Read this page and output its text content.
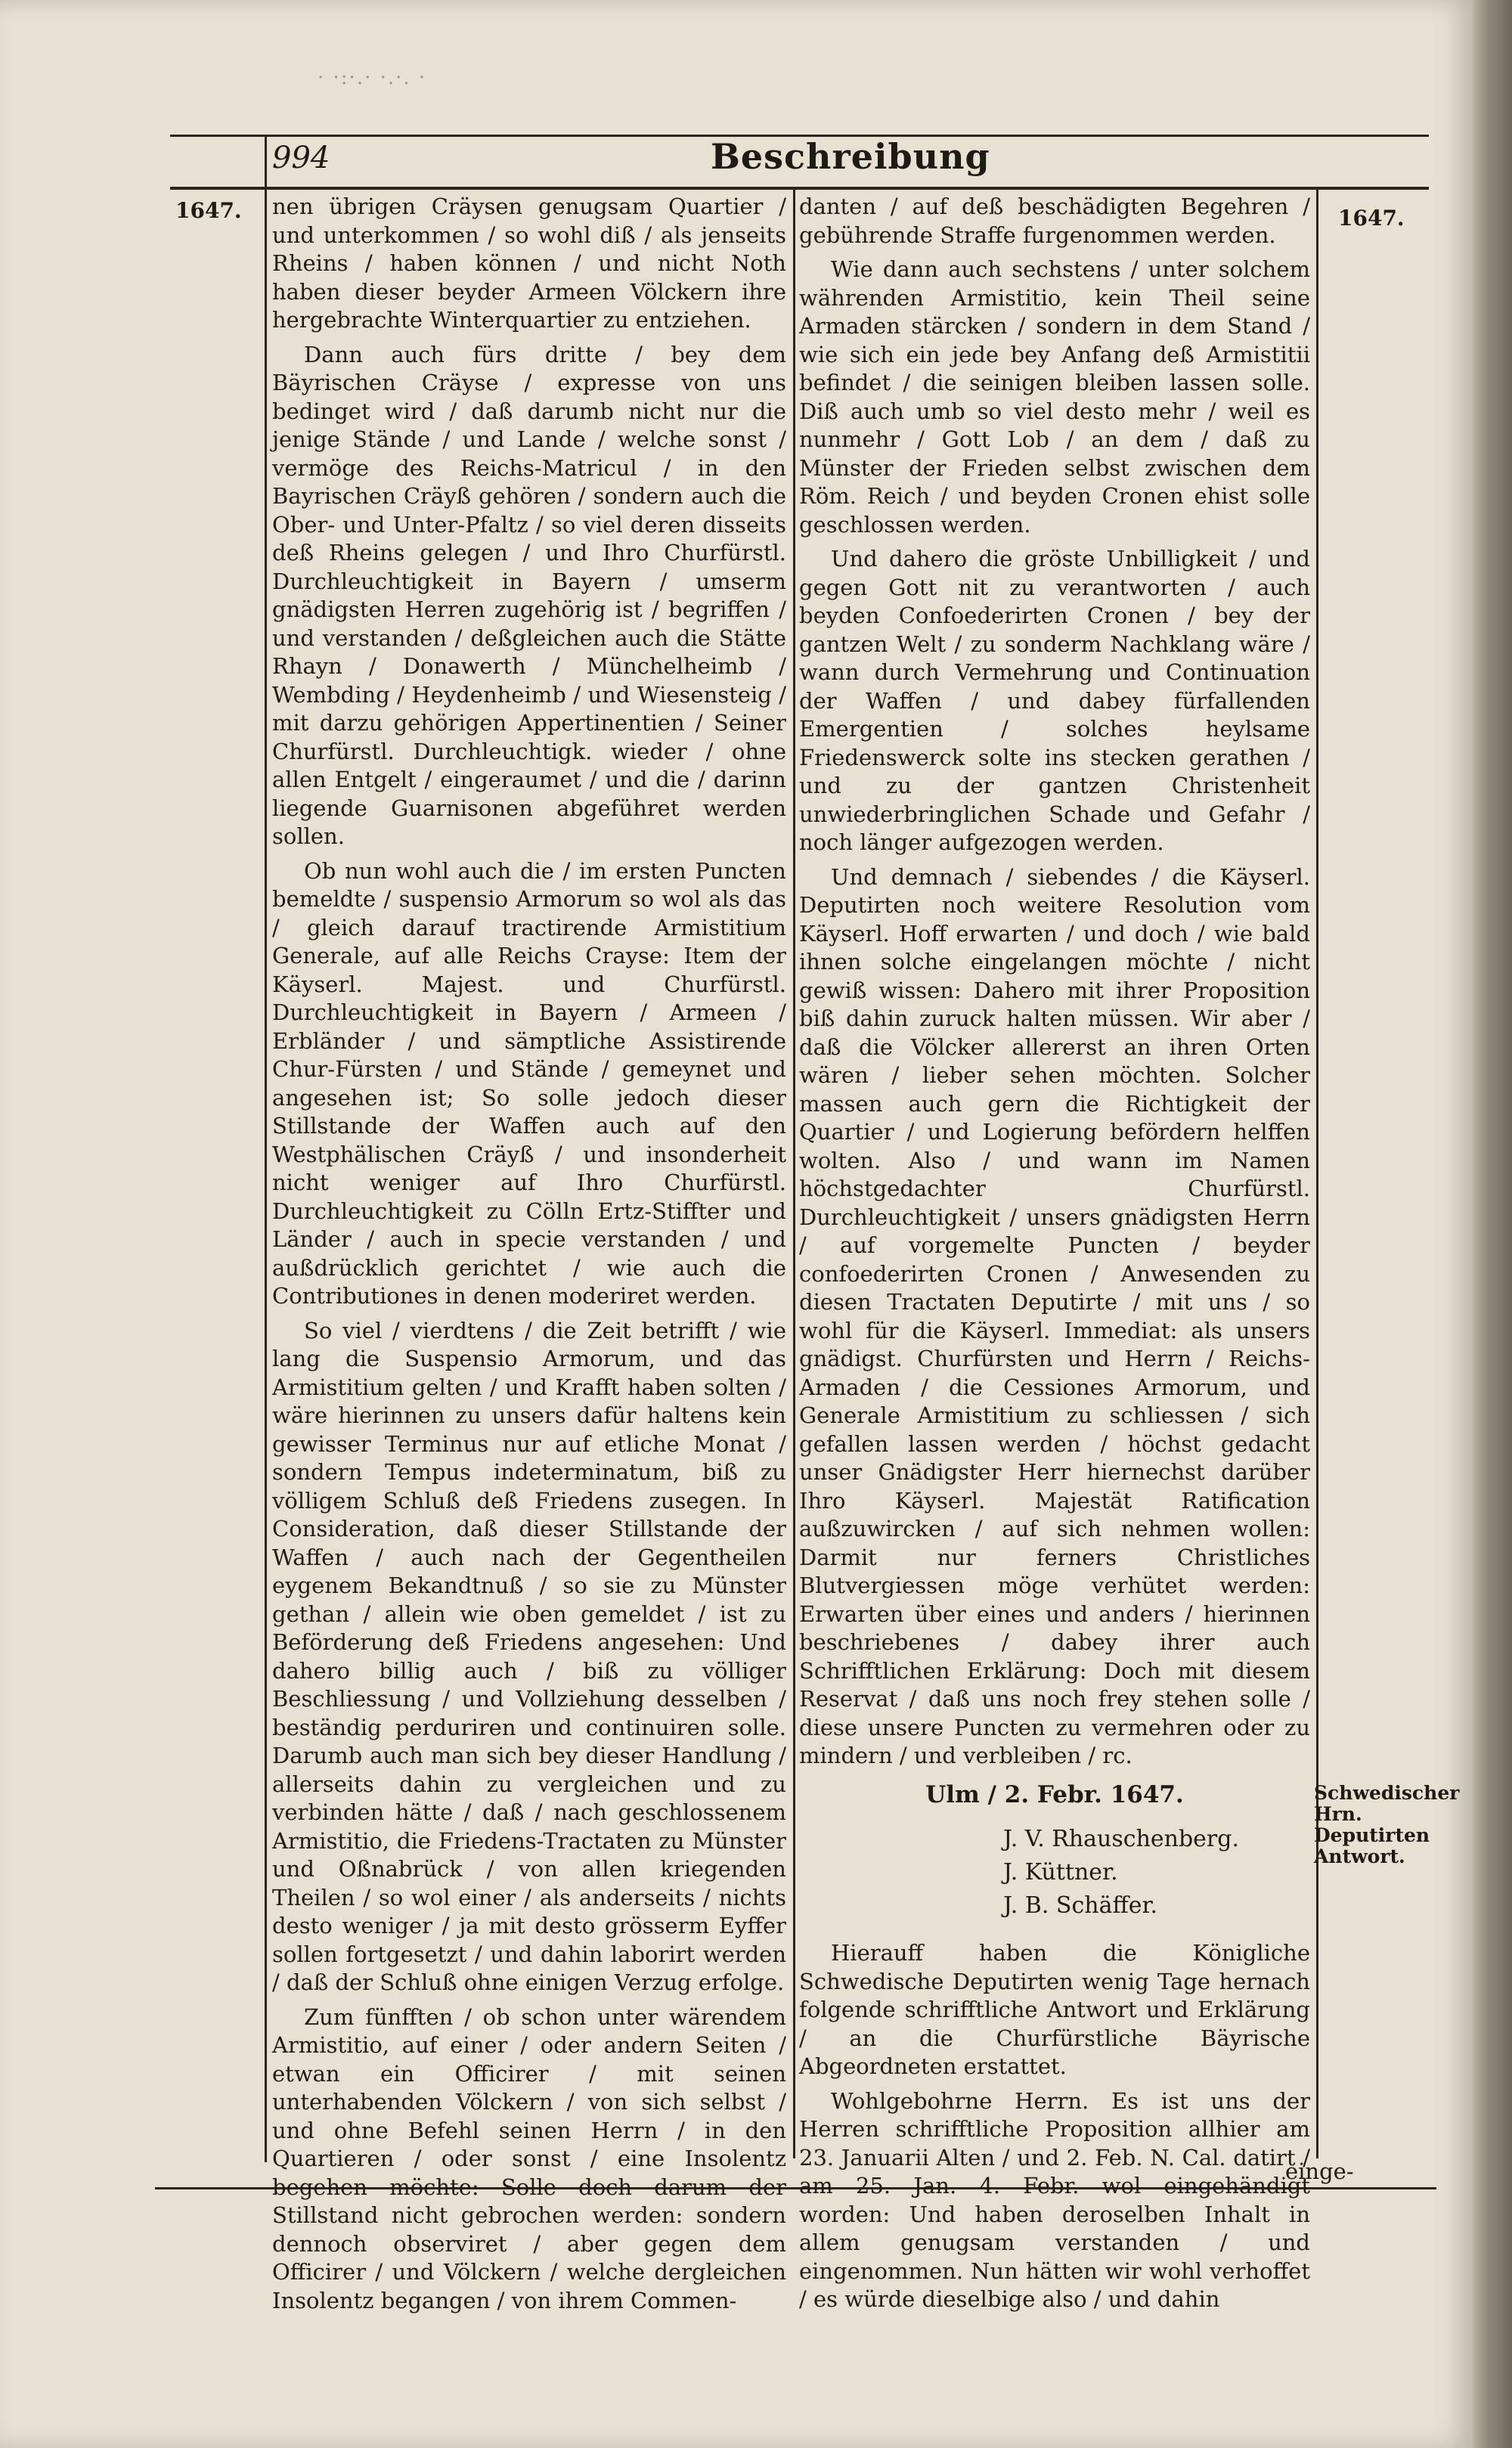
· ·:·.· ·.·. ·
994	Beschreibung
1647.	1647.

nen übrigen Cräysen genugsam Quartier / und unterkommen / so wohl diß / als jenseits Rheins / haben können / und nicht Noth haben dieser beyder Armeen Völckern ihre hergebrachte Winterquartier zu entziehen.

Dann auch fürs dritte / bey dem Bäyrischen Cräyse / expresse von uns bedinget wird / daß darumb nicht nur die jenige Stände / und Lande / welche sonst / vermöge des Reichs-Matricul / in den Bayrischen Cräyß gehören / sondern auch die Ober- und Unter-Pfaltz / so viel deren disseits deß Rheins gelegen / und Ihro Churfürstl. Durchleuchtigkeit in Bayern / umserm gnädigsten Herren zugehörig ist / begriffen / und verstanden / deßgleichen auch die Stätte Rhayn / Donawerth / Münchelheimb / Wembding / Heydenheimb / und Wiesensteig / mit darzu gehörigen Appertinentien / Seiner Churfürstl. Durchleuchtigk. wieder / ohne allen Entgelt / eingeraumet / und die / darinn liegende Guarnisonen abgeführet werden sollen.

Ob nun wohl auch die / im ersten Puncten bemeldte / suspensio Armorum so wol als das / gleich darauf tractirende Armistitium Generale, auf alle Reichs Crayse: Item der Käyserl. Majest. und Churfürstl. Durchleuchtigkeit in Bayern / Armeen / Erbländer / und sämptliche Assistirende Chur-Fürsten / und Stände / gemeynet und angesehen ist; So solle jedoch dieser Stillstande der Waffen auch auf den Westphälischen Cräyß / und insonderheit nicht weniger auf Ihro Churfürstl. Durchleuchtigkeit zu Cölln Ertz-Stiffter und Länder / auch in specie verstanden / und außdrücklich gerichtet / wie auch die Contributiones in denen moderiret werden.

So viel / vierdtens / die Zeit betrifft / wie lang die Suspensio Armorum, und das Armistitium gelten / und Krafft haben solten / wäre hierinnen zu unsers dafür haltens kein gewisser Terminus nur auf etliche Monat / sondern Tempus indeterminatum, biß zu völligem Schluß deß Friedens zusegen. In Consideration, daß dieser Stillstande der Waffen / auch nach der Gegentheilen eygenem Bekandtnuß / so sie zu Münster gethan / allein wie oben gemeldet / ist zu Beförderung deß Friedens angesehen: Und dahero billig auch / biß zu völliger Beschliessung / und Vollziehung desselben / beständig perduriren und continuiren solle. Darumb auch man sich bey dieser Handlung / allerseits dahin zu vergleichen und zu verbinden hätte / daß / nach geschlossenem Armistitio, die Friedens-Tractaten zu Münster und Oßnabrück / von allen kriegenden Theilen / so wol einer / als anderseits / nichts desto weniger / ja mit desto grösserm Eyffer sollen fortgesetzt / und dahin laborirt werden / daß der Schluß ohne einigen Verzug erfolge.

Zum fünfften / ob schon unter wärendem Armistitio, auf einer / oder andern Seiten / etwan ein Officirer / mit seinen unterhabenden Völckern / von sich selbst / und ohne Befehl seinen Herrn / in den Quartieren / oder sonst / eine Insolentz begehen möchte: Solle doch darum der Stillstand nicht gebrochen werden: sondern dennoch observiret / aber gegen dem Officirer / und Völckern / welche dergleichen Insolentz begangen / von ihrem Commen-

danten / auf deß beschädigten Begehren / gebührende Straffe furgenommen werden.

Wie dann auch sechstens / unter solchem währenden Armistitio, kein Theil seine Armaden stärcken / sondern in dem Stand / wie sich ein jede bey Anfang deß Armistitii befindet / die seinigen bleiben lassen solle. Diß auch umb so viel desto mehr / weil es nunmehr / Gott Lob / an dem / daß zu Münster der Frieden selbst zwischen dem Röm. Reich / und beyden Cronen ehist solle geschlossen werden.

Und dahero die gröste Unbilligkeit / und gegen Gott nit zu verantworten / auch beyden Confoederirten Cronen / bey der gantzen Welt / zu sonderm Nachklang wäre / wann durch Vermehrung und Continuation der Waffen / und dabey fürfallenden Emergentien / solches heylsame Friedenswerck solte ins stecken gerathen / und zu der gantzen Christenheit unwiederbringlichen Schade und Gefahr / noch länger aufgezogen werden.

Und demnach / siebendes / die Käyserl. Deputirten noch weitere Resolution vom Käyserl. Hoff erwarten / und doch / wie bald ihnen solche eingelangen möchte / nicht gewiß wissen: Dahero mit ihrer Proposition biß dahin zuruck halten müssen. Wir aber / daß die Völcker allererst an ihren Orten wären / lieber sehen möchten. Solcher massen auch gern die Richtigkeit der Quartier / und Logierung befördern helffen wolten. Also / und wann im Namen höchstgedachter Churfürstl. Durchleuchtigkeit / unsers gnädigsten Herrn / auf vorgemelte Puncten / beyder confoederirten Cronen / Anwesenden zu diesen Tractaten Deputirte / mit uns / so wohl für die Käyserl. Immediat: als unsers gnädigst. Churfürsten und Herrn / Reichs-Armaden / die Cessiones Armorum, und Generale Armistitium zu schliessen / sich gefallen lassen werden / höchst gedacht unser Gnädigster Herr hiernechst darüber Ihro Käyserl. Majestät Ratification außzuwircken / auf sich nehmen wollen: Darmit nur ferners Christliches Blutvergiessen möge verhütet werden: Erwarten über eines und anders / hierinnen beschriebenes / dabey ihrer auch Schrifftlichen Erklärung: Doch mit diesem Reservat / daß uns noch frey stehen solle / diese unsere Puncten zu vermehren oder zu mindern / und verbleiben / rc.

Ulm / 2. Febr. 1647.
J. V. Rhauschenberg.
J. Küttner.
J. B. Schäffer.

Hierauff haben die Königliche Schwedische Deputirten wenig Tage hernach folgende schrifftliche Antwort und Erklärung / an die Churfürstliche Bäyrische Abgeordneten erstattet.

Wohlgebohrne Herrn. Es ist uns der Herren schrifftliche Proposition allhier am 23. Januarii Alten / und 2. Feb. N. Cal. datirt / am 25. Jan. 4. Febr. wol eingehändigt worden: Und haben deroselben Inhalt in allem genugsam verstanden / und eingenommen. Nun hätten wir wohl verhoffet / es würde dieselbige also / und dahin

Schwedischer Hrn. Deputirten Antwort.
einge-
